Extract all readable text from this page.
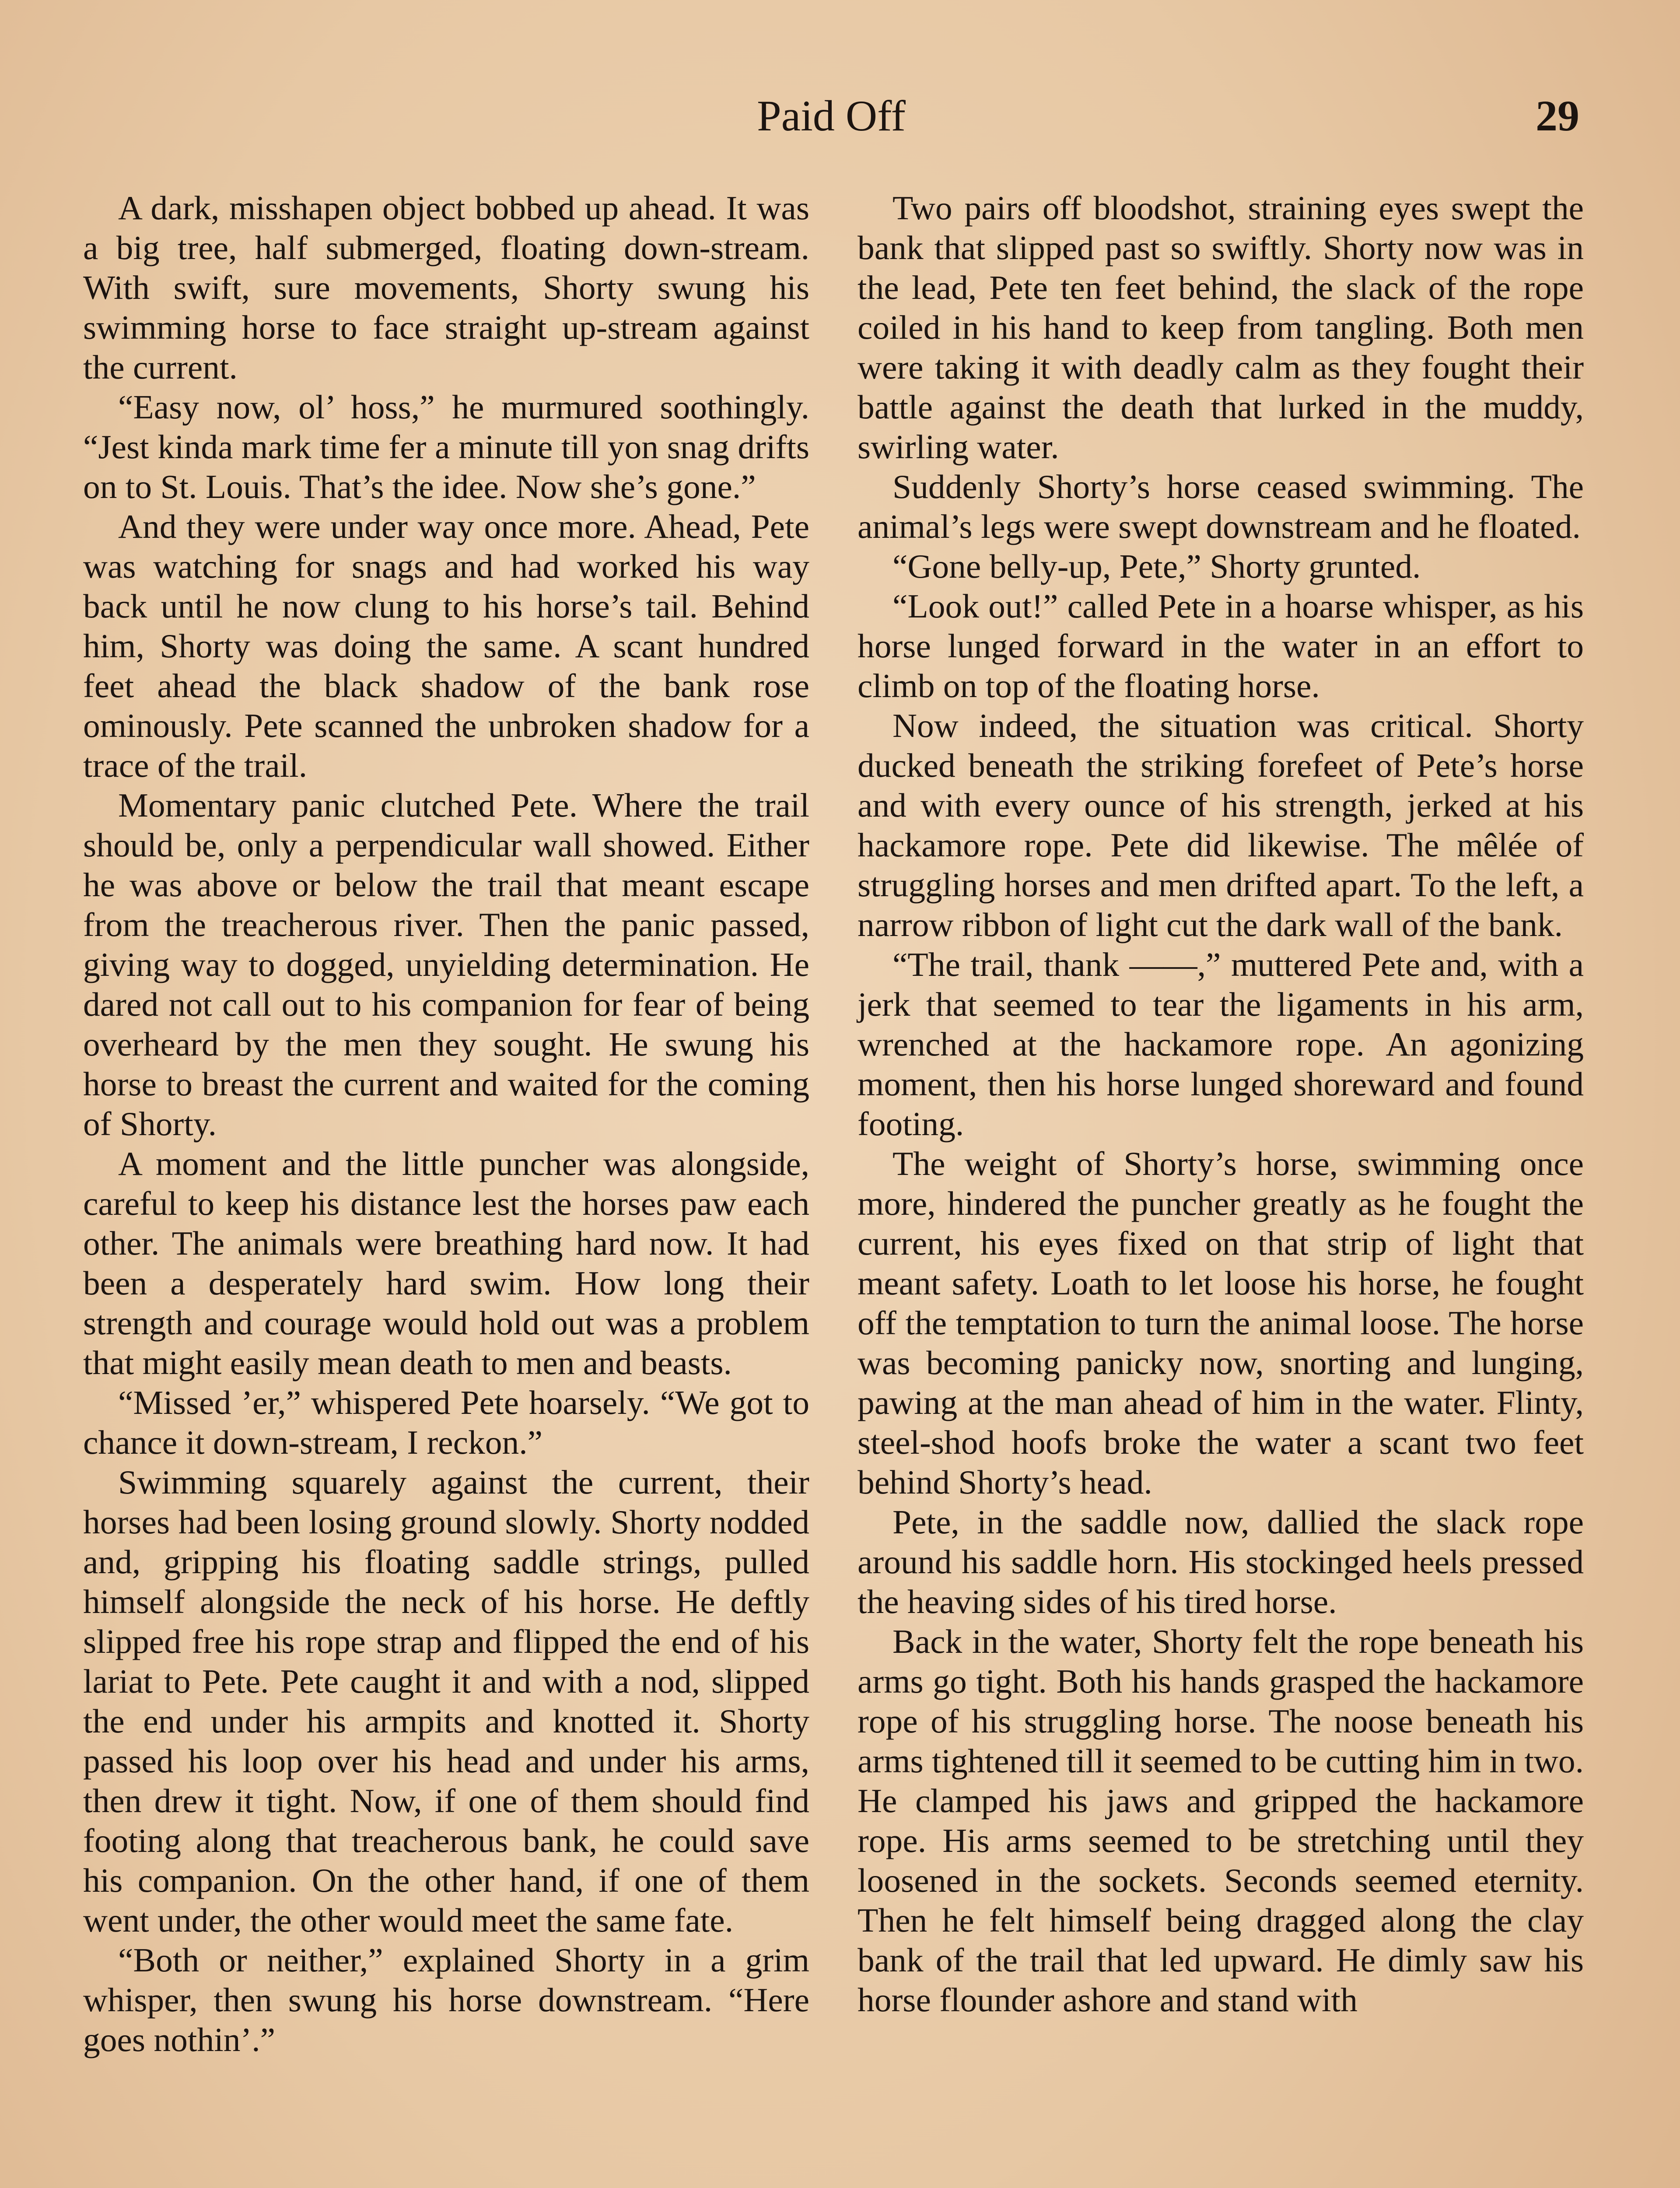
Paid Off	29

A dark, misshapen object bobbed up ahead. It was a big tree, half submerged, floating down-stream. With swift, sure movements, Shorty swung his swimming horse to face straight up-stream against the current.

“Easy now, ol’ hoss,” he murmured soothingly. “Jest kinda mark time fer a minute till yon snag drifts on to St. Louis. That’s the idee. Now she’s gone.”

And they were under way once more. Ahead, Pete was watching for snags and had worked his way back until he now clung to his horse’s tail. Behind him, Shorty was doing the same. A scant hundred feet ahead the black shadow of the bank rose ominously. Pete scanned the unbroken shadow for a trace of the trail.

Momentary panic clutched Pete. Where the trail should be, only a perpendicular wall showed. Either he was above or below the trail that meant escape from the treacherous river. Then the panic passed, giving way to dogged, unyielding determination. He dared not call out to his companion for fear of being overheard by the men they sought. He swung his horse to breast the current and waited for the coming of Shorty.

A moment and the little puncher was alongside, careful to keep his distance lest the horses paw each other. The animals were breathing hard now. It had been a desperately hard swim. How long their strength and courage would hold out was a problem that might easily mean death to men and beasts.

“Missed ’er,” whispered Pete hoarsely. “We got to chance it down-stream, I reckon.”

Swimming squarely against the current, their horses had been losing ground slowly. Shorty nodded and, gripping his floating saddle strings, pulled himself alongside the neck of his horse. He deftly slipped free his rope strap and flipped the end of his lariat to Pete. Pete caught it and with a nod, slipped the end under his armpits and knotted it. Shorty passed his loop over his head and under his arms, then drew it tight. Now, if one of them should find footing along that treacherous bank, he could save his companion. On the other hand, if one of them went under, the other would meet the same fate.

“Both or neither,” explained Shorty in a grim whisper, then swung his horse downstream. “Here goes nothin’.”

Two pairs off bloodshot, straining eyes swept the bank that slipped past so swiftly. Shorty now was in the lead, Pete ten feet behind, the slack of the rope coiled in his hand to keep from tangling. Both men were taking it with deadly calm as they fought their battle against the death that lurked in the muddy, swirling water.

Suddenly Shorty’s horse ceased swimming. The animal’s legs were swept downstream and he floated.

“Gone belly-up, Pete,” Shorty grunted.

“Look out!” called Pete in a hoarse whisper, as his horse lunged forward in the water in an effort to climb on top of the floating horse.

Now indeed, the situation was critical. Shorty ducked beneath the striking forefeet of Pete’s horse and with every ounce of his strength, jerked at his hackamore rope. Pete did likewise. The mêlée of struggling horses and men drifted apart. To the left, a narrow ribbon of light cut the dark wall of the bank.

“The trail, thank ——,” muttered Pete and, with a jerk that seemed to tear the ligaments in his arm, wrenched at the hackamore rope. An agonizing moment, then his horse lunged shoreward and found footing.

The weight of Shorty’s horse, swimming once more, hindered the puncher greatly as he fought the current, his eyes fixed on that strip of light that meant safety. Loath to let loose his horse, he fought off the temptation to turn the animal loose. The horse was becoming panicky now, snorting and lunging, pawing at the man ahead of him in the water. Flinty, steel-shod hoofs broke the water a scant two feet behind Shorty’s head.

Pete, in the saddle now, dallied the slack rope around his saddle horn. His stockinged heels pressed the heaving sides of his tired horse.

Back in the water, Shorty felt the rope beneath his arms go tight. Both his hands grasped the hackamore rope of his struggling horse. The noose beneath his arms tightened till it seemed to be cutting him in two. He clamped his jaws and gripped the hackamore rope. His arms seemed to be stretching until they loosened in the sockets. Seconds seemed eternity. Then he felt himself being dragged along the clay bank of the trail that led upward. He dimly saw his horse flounder ashore and stand with
